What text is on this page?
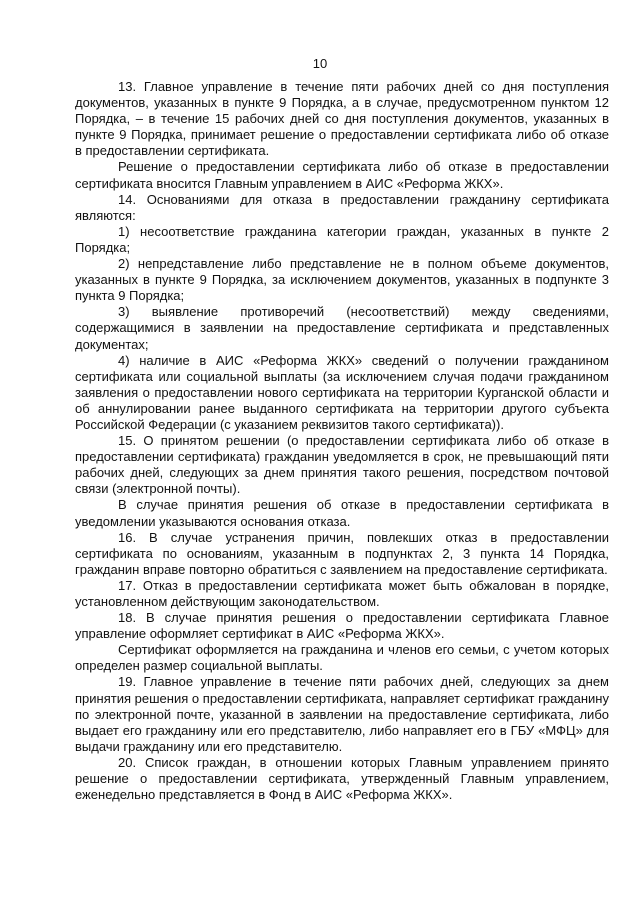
10

13. Главное управление в течение пяти рабочих дней со дня поступления документов, указанных в пункте 9 Порядка, а в случае, предусмотренном пунктом 12 Порядка, – в течение 15 рабочих дней со дня поступления документов, указанных в пункте 9 Порядка, принимает решение о предоставлении сертификата либо об отказе в предоставлении сертификата.

Решение о предоставлении сертификата либо об отказе в предоставлении сертификата вносится Главным управлением в АИС «Реформа ЖКХ».

14. Основаниями для отказа в предоставлении гражданину сертификата являются:

1) несоответствие гражданина категории граждан, указанных в пункте 2 Порядка;

2) непредставление либо представление не в полном объеме документов, указанных в пункте 9 Порядка, за исключением документов, указанных в подпункте 3 пункта 9 Порядка;

3) выявление противоречий (несоответствий) между сведениями, содержащимися в заявлении на предоставление сертификата и представленных документах;

4) наличие в АИС «Реформа ЖКХ» сведений о получении гражданином сертификата или социальной выплаты (за исключением случая подачи гражданином заявления о предоставлении нового сертификата на территории Курганской области и об аннулировании ранее выданного сертификата на территории другого субъекта Российской Федерации (с указанием реквизитов такого сертификата)).

15. О принятом решении (о предоставлении сертификата либо об отказе в предоставлении сертификата) гражданин уведомляется в срок, не превышающий пяти рабочих дней, следующих за днем принятия такого решения, посредством почтовой связи (электронной почты).

В случае принятия решения об отказе в предоставлении сертификата в уведомлении указываются основания отказа.

16. В случае устранения причин, повлекших отказ в предоставлении сертификата по основаниям, указанным в подпунктах 2, 3 пункта 14 Порядка, гражданин вправе повторно обратиться с заявлением на предоставление сертификата.

17. Отказ в предоставлении сертификата может быть обжалован в порядке, установленном действующим законодательством.

18. В случае принятия решения о предоставлении сертификата Главное управление оформляет сертификат в АИС «Реформа ЖКХ».

Сертификат оформляется на гражданина и членов его семьи, с учетом которых определен размер социальной выплаты.

19. Главное управление в течение пяти рабочих дней, следующих за днем принятия решения о предоставлении сертификата, направляет сертификат гражданину по электронной почте, указанной в заявлении на предоставление сертификата, либо выдает его гражданину или его представителю, либо направляет его в ГБУ «МФЦ» для выдачи гражданину или его представителю.

20. Список граждан, в отношении которых Главным управлением принято решение о предоставлении сертификата, утвержденный Главным управлением, еженедельно представляется в Фонд в АИС «Реформа ЖКХ».
